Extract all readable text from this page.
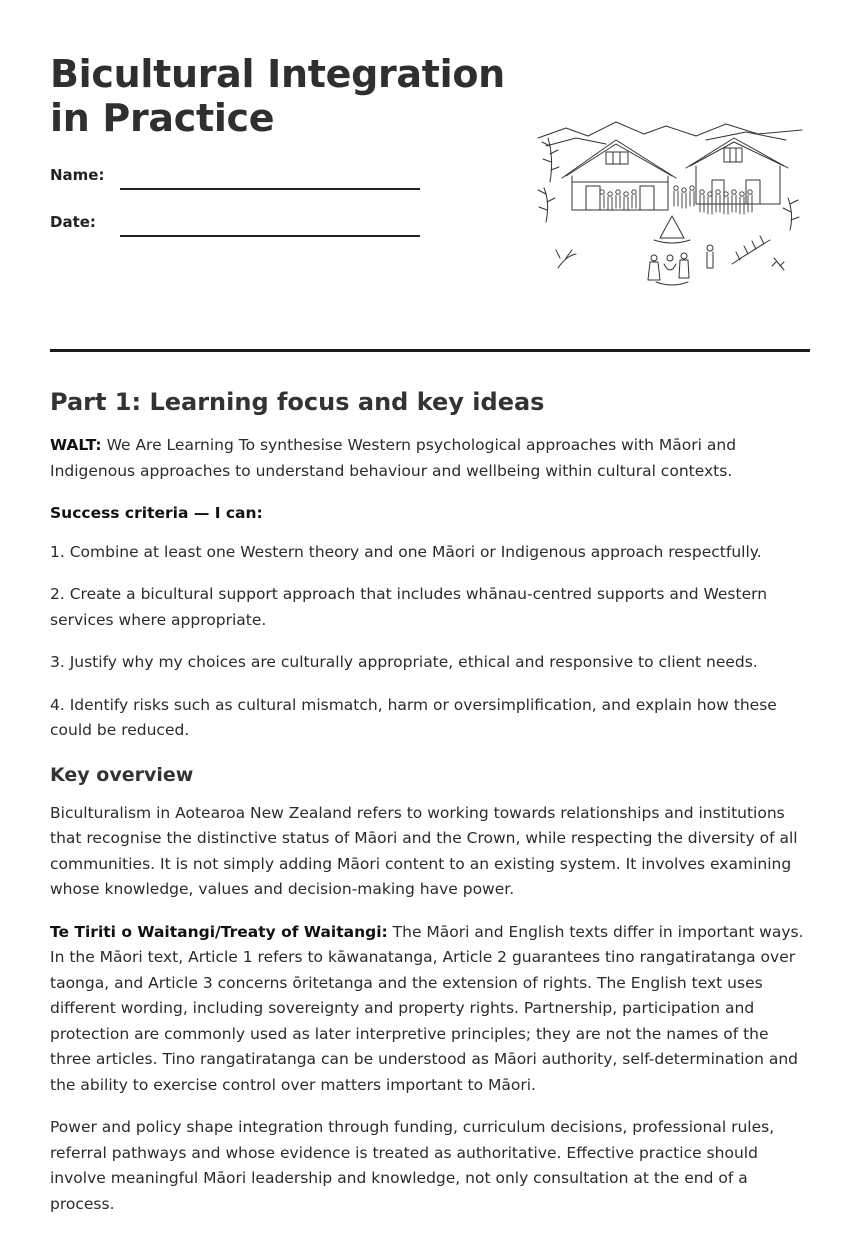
Bicultural Integration in Practice
Name:
Date:
Part 1: Learning focus and key ideas

WALT: We Are Learning To synthesise Western psychological approaches with Māori and Indigenous approaches to understand behaviour and wellbeing within cultural contexts.

Success criteria — I can:

1. Combine at least one Western theory and one Māori or Indigenous approach respectfully.

2. Create a bicultural support approach that includes whānau-centred supports and Western services where appropriate.

3. Justify why my choices are culturally appropriate, ethical and responsive to client needs.

4. Identify risks such as cultural mismatch, harm or oversimplification, and explain how these could be reduced.

Key overview

Biculturalism in Aotearoa New Zealand refers to working towards relationships and institutions that recognise the distinctive status of Māori and the Crown, while respecting the diversity of all communities. It is not simply adding Māori content to an existing system. It involves examining whose knowledge, values and decision-making have power.

Te Tiriti o Waitangi/Treaty of Waitangi: The Māori and English texts differ in important ways. In the Māori text, Article 1 refers to kāwanatanga, Article 2 guarantees tino rangatiratanga over taonga, and Article 3 concerns ōritetanga and the extension of rights. The English text uses different wording, including sovereignty and property rights. Partnership, participation and protection are commonly used as later interpretive principles; they are not the names of the three articles. Tino rangatiratanga can be understood as Māori authority, self-determination and the ability to exercise control over matters important to Māori.

Power and policy shape integration through funding, curriculum decisions, professional rules, referral pathways and whose evidence is treated as authoritative. Effective practice should involve meaningful Māori leadership and knowledge, not only consultation at the end of a process.
